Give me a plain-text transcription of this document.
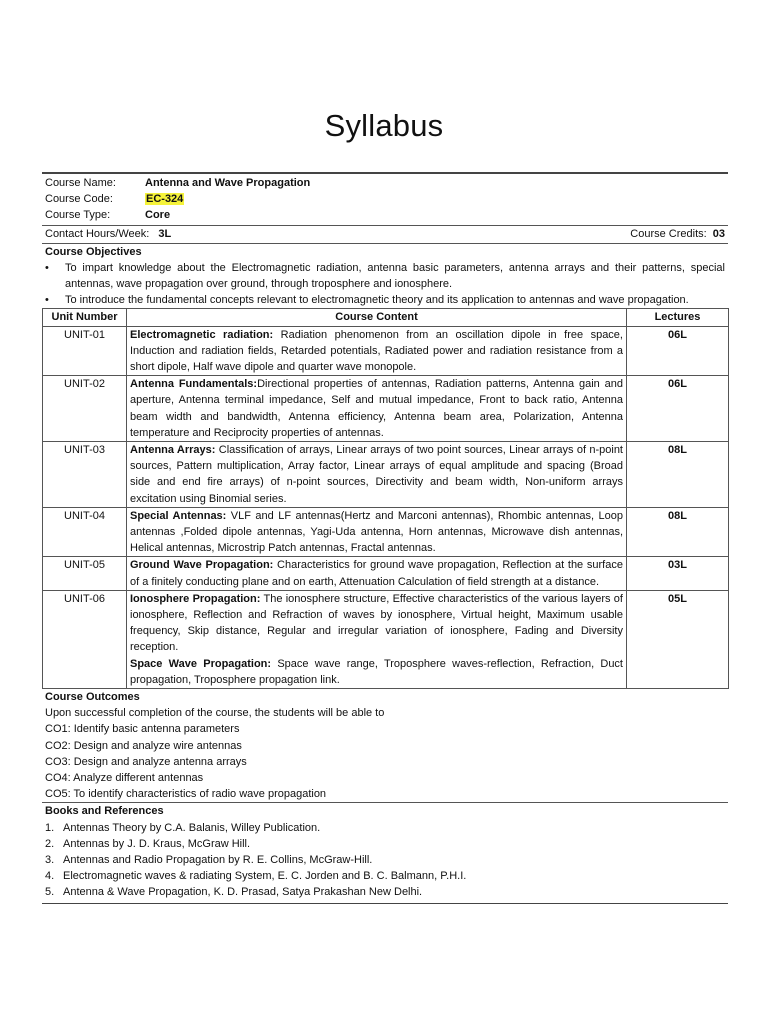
Syllabus
Course Name:	Antenna and Wave Propagation
Course Code:	EC-324
Course Type:	Core
Contact Hours/Week: 3L	Course Credits: 03
Course Objectives
•	To impart knowledge about the Electromagnetic radiation, antenna basic parameters, antenna arrays and their patterns, special antennas, wave propagation over ground, through troposphere and ionosphere.
•	To introduce the fundamental concepts relevant to electromagnetic theory and its application to antennas and wave propagation.
Unit Number	Course Content	Lectures
UNIT-01	Electromagnetic radiation: Radiation phenomenon from an oscillation dipole in free space, Induction and radiation fields, Retarded potentials, Radiated power and radiation resistance from a short dipole, Half wave dipole and quarter wave monopole.	06L
UNIT-02	Antenna Fundamentals:Directional properties of antennas, Radiation patterns, Antenna gain and aperture, Antenna terminal impedance, Self and mutual impedance, Front to back ratio, Antenna beam width and bandwidth, Antenna efficiency, Antenna beam area, Polarization, Antenna temperature and Reciprocity properties of antennas.	06L
UNIT-03	Antenna Arrays: Classification of arrays, Linear arrays of two point sources, Linear arrays of n-point sources, Pattern multiplication, Array factor, Linear arrays of equal amplitude and spacing (Broad side and end fire arrays) of n-point sources, Directivity and beam width, Non-uniform arrays excitation using Binomial series.	08L
UNIT-04	Special Antennas: VLF and LF antennas(Hertz and Marconi antennas), Rhombic antennas, Loop antennas ,Folded dipole antennas, Yagi-Uda antenna, Horn antennas, Microwave dish antennas, Helical antennas, Microstrip Patch antennas, Fractal antennas.	08L
UNIT-05	Ground Wave Propagation: Characteristics for ground wave propagation, Reflection at the surface of a finitely conducting plane and on earth, Attenuation Calculation of field strength at a distance.	03L
UNIT-06	Ionosphere Propagation: The ionosphere structure, Effective characteristics of the various layers of ionosphere, Reflection and Refraction of waves by ionosphere, Virtual height, Maximum usable frequency, Skip distance, Regular and irregular variation of ionosphere, Fading and Diversity reception.
Space Wave Propagation: Space wave range, Troposphere waves-reflection, Refraction, Duct propagation, Troposphere propagation link.	05L
Course Outcomes
Upon successful completion of the course, the students will be able to
CO1: Identify basic antenna parameters
CO2: Design and analyze wire antennas
CO3: Design and analyze antenna arrays
CO4: Analyze different antennas
CO5: To identify characteristics of radio wave propagation
Books and References
1. Antennas Theory by C.A. Balanis, Willey Publication.
2. Antennas by J. D. Kraus, McGraw Hill.
3. Antennas and Radio Propagation by R. E. Collins, McGraw-Hill.
4. Electromagnetic waves & radiating System, E. C. Jorden and B. C. Balmann, P.H.I.
5. Antenna & Wave Propagation, K. D. Prasad, Satya Prakashan New Delhi.
